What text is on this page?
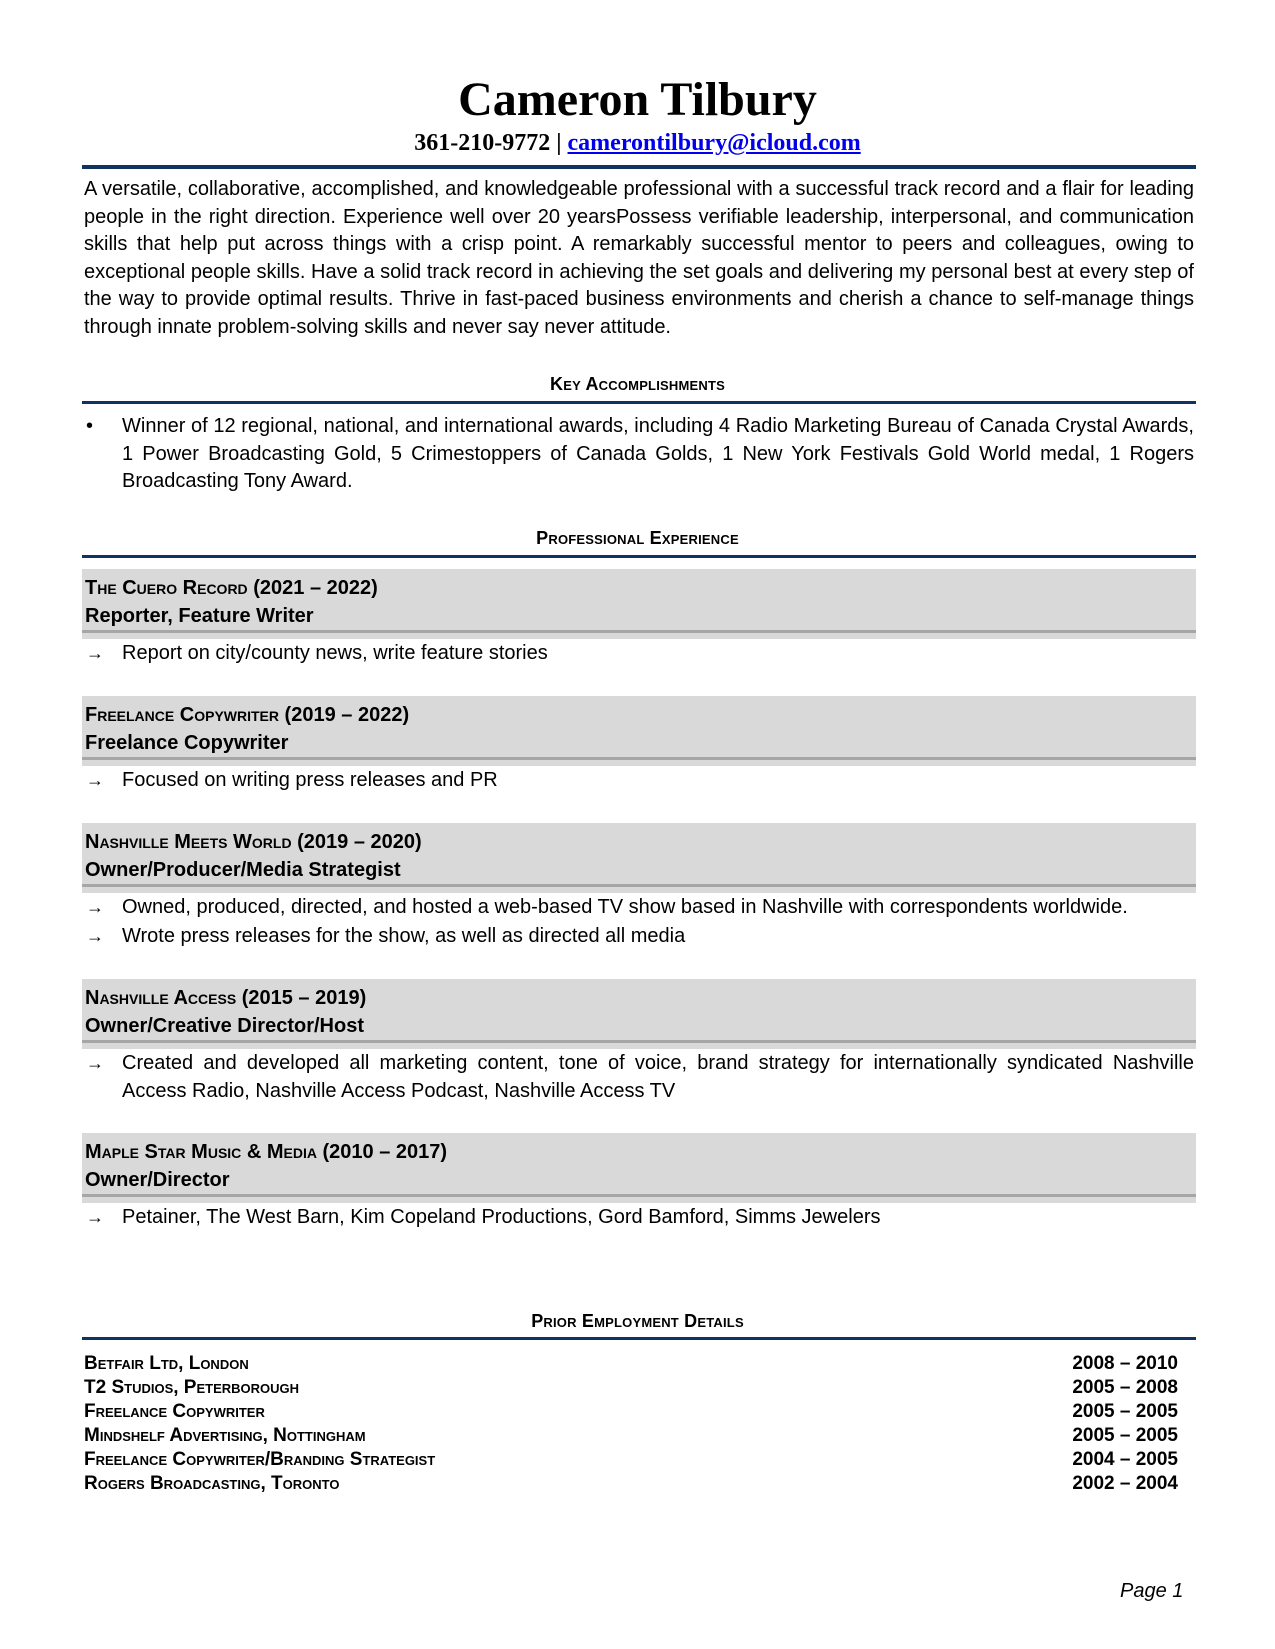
Cameron Tilbury
361-210-9772 | camerontilbury@icloud.com
A versatile, collaborative, accomplished, and knowledgeable professional with a successful track record and a flair for leading people in the right direction. Experience well over 20 yearsPossess verifiable leadership, interpersonal, and communication skills that help put across things with a crisp point. A remarkably successful mentor to peers and colleagues, owing to exceptional people skills. Have a solid track record in achieving the set goals and delivering my personal best at every step of the way to provide optimal results. Thrive in fast-paced business environments and cherish a chance to self-manage things through innate problem-solving skills and never say never attitude.
Key Accomplishments
•	Winner of 12 regional, national, and international awards, including 4 Radio Marketing Bureau of Canada Crystal Awards, 1 Power Broadcasting Gold, 5 Crimestoppers of Canada Golds, 1 New York Festivals Gold World medal, 1 Rogers Broadcasting Tony Award.
Professional Experience
The Cuero Record (2021 – 2022)
Reporter, Feature Writer
→ Report on city/county news, write feature stories
Freelance Copywriter (2019 – 2022)
Freelance Copywriter
→ Focused on writing press releases and PR
Nashville Meets World (2019 – 2020)
Owner/Producer/Media Strategist
→ Owned, produced, directed, and hosted a web-based TV show based in Nashville with correspondents worldwide.
→ Wrote press releases for the show, as well as directed all media
Nashville Access (2015 – 2019)
Owner/Creative Director/Host
→ Created and developed all marketing content, tone of voice, brand strategy for internationally syndicated Nashville Access Radio, Nashville Access Podcast, Nashville Access TV
Maple Star Music & Media (2010 – 2017)
Owner/Director
→ Petainer, The West Barn, Kim Copeland Productions, Gord Bamford, Simms Jewelers
Prior Employment Details
Betfair Ltd, London	2008 – 2010
T2 Studios, Peterborough	2005 – 2008
Freelance Copywriter	2005 – 2005
Mindshelf Advertising, Nottingham	2005 – 2005
Freelance Copywriter/Branding Strategist	2004 – 2005
Rogers Broadcasting, Toronto	2002 – 2004
Page 1
